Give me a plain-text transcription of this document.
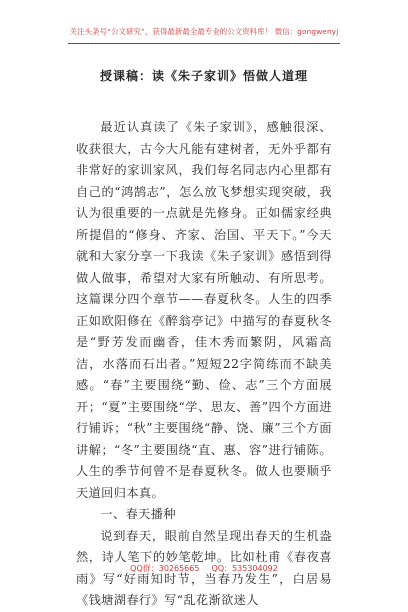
关注头条号“公文研究”，获得最新最全最专业的公文资料库！ 微信：gongwenyj
授课稿：读《朱子家训》悟做人道理

最近认真读了《朱子家训》，感触很深、收获很大，古今大凡能有建树者，无外乎都有非常好的家训家风，我们每名同志内心里都有自己的“鸿鹄志”，怎么放飞梦想实现突破，我认为很重要的一点就是先修身。正如儒家经典所提倡的“修身、齐家、治国、平天下。”今天就和大家分享一下我读《朱子家训》感悟到得做人做事，希望对大家有所触动、有所思考。这篇课分四个章节——春夏秋冬。人生的四季正如欧阳修在《醉翁亭记》中描写的春夏秋冬是“野芳发而幽香，佳木秀而繁阴，风霜高洁，水落而石出者。”短短22字简练而不缺美感。“春”主要围绕“勤、俭、志”三个方面展开；“夏”主要围绕“学、思友、善”四个方面进行铺诉；“秋”主要围绕“静、饶、廉”三个方面讲解；“冬”主要围绕“直、惠、容”进行铺陈。人生的季节何曾不是春夏秋冬。做人也要顺乎天道回归本真。

一、春天播种

说到春天，眼前自然呈现出春天的生机盎然，诗人笔下的妙笔乾坤。比如杜甫《春夜喜雨》写“好雨知时节，当春乃发生”，白居易《钱塘湖春行》写“乱花渐欲迷人

QQ群：30265665 QQ：535304092
